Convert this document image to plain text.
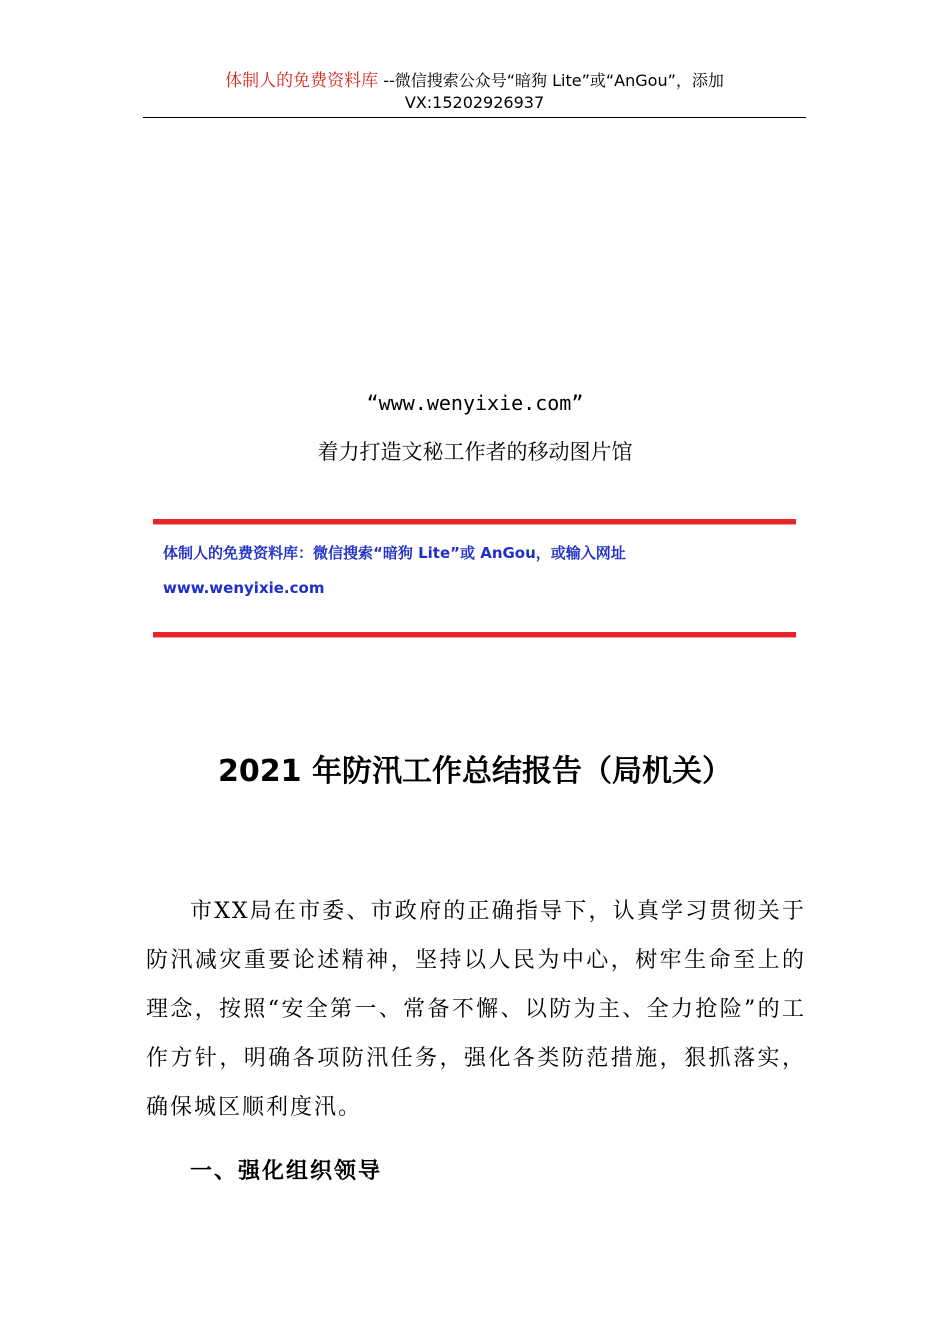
体制人的免费资料库 --微信搜索公众号“暗狗 Lite”或“AnGou”，添加
VX:15202926937
“www.wenyixie.com”
着力打造文秘工作者的移动图片馆
体制人的免费资料库：微信搜索“暗狗 Lite”或 AnGou，或输入网址
www.wenyixie.com
2021 年防汛工作总结报告（局机关）
市XX局在市委、市政府的正确指导下，认真学习贯彻关于防汛减灾重要论述精神，坚持以人民为中心，树牢生命至上的理念，按照“安全第一、常备不懈、以防为主、全力抢险”的工作方针，明确各项防汛任务，强化各类防范措施，狠抓落实，确保城区顺利度汛。
一、强化组织领导
